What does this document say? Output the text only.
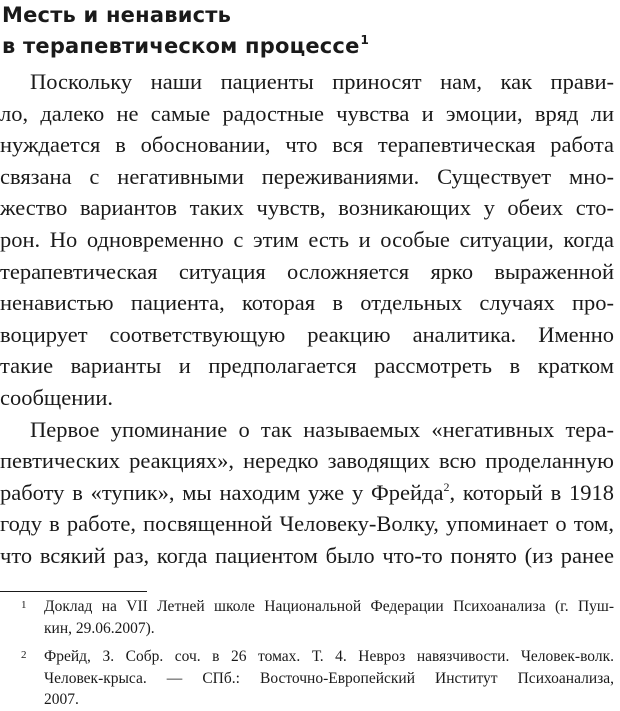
Месть и ненависть
в терапевтическом процессе$^1$
Поскольку наши пациенты приносят нам, как прави-
ло, далеко не самые радостные чувства и эмоции, вряд ли
нуждается в обосновании, что вся терапевтическая работа
связана с негативными переживаниями. Существует мно-
жество вариантов таких чувств, возникающих у обеих сто-
рон. Но одновременно с этим есть и особые ситуации, когда
терапевтическая ситуация осложняется ярко выраженной
ненавистью пациента, которая в отдельных случаях про-
воцирует соответствующую реакцию аналитика. Именно
такие варианты и предполагается рассмотреть в кратком
сообщении.
Первое упоминание о так называемых «негативных тера-
певтических реакциях», нередко заводящих всю проделанную
работу в «тупик», мы находим уже у Фрейда$^2$, который в 1918
году в работе, посвященной Человеку-Волку, упоминает о том,
что всякий раз, когда пациентом было что-то понято (из ранее
1 Доклад на VII Летней школе Национальной Федерации Психоанализа (г. Пуш-
кин, 29.06.2007).
2 Фрейд, З. Собр. соч. в 26 томах. Т. 4. Невроз навязчивости. Человек-волк.
Человек-крыса. — СПб.: Восточно-Европейский Институт Психоанализа,
2007.
